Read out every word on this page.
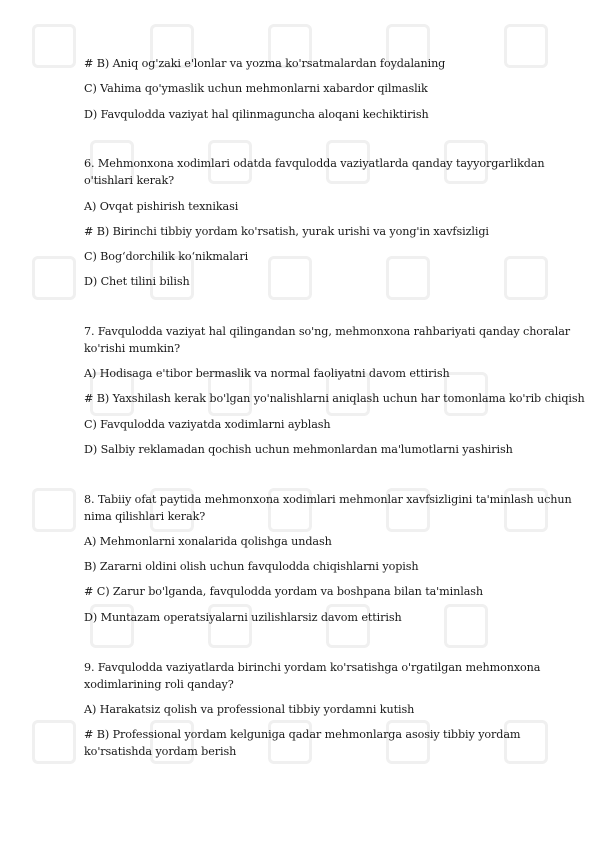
# B) Aniq og'zaki e'lonlar va yozma ko'rsatmalardan foydalaning
C) Vahima qo'ymaslik uchun mehmonlarni xabardor qilmaslik
D) Favqulodda vaziyat hal qilinmaguncha aloqani kechiktirish
6. Mehmonxona xodimlari odatda favqulodda vaziyatlarda qanday tayyorgarlikdan
o'tishlari kerak?
A) Ovqat pishirish texnikasi
# B) Birinchi tibbiy yordam ko'rsatish, yurak urishi va yong'in xavfsizligi
C) Bog‘dorchilik ko‘nikmalari
D) Chet tilini bilish
7. Favqulodda vaziyat hal qilingandan so'ng, mehmonxona rahbariyati qanday choralar
ko'rishi mumkin?
A) Hodisaga e'tibor bermaslik va normal faoliyatni davom ettirish
# B) Yaxshilash kerak bo'lgan yo'nalishlarni aniqlash uchun har tomonlama ko'rib chiqish
C) Favqulodda vaziyatda xodimlarni ayblash
D) Salbiy reklamadan qochish uchun mehmonlardan ma'lumotlarni yashirish
8. Tabiiy ofat paytida mehmonxona xodimlari mehmonlar xavfsizligini ta'minlash uchun
nima qilishlari kerak?
A) Mehmonlarni xonalarida qolishga undash
B) Zararni oldini olish uchun favqulodda chiqishlarni yopish
# C) Zarur bo'lganda, favqulodda yordam va boshpana bilan ta'minlash
D) Muntazam operatsiyalarni uzilishlarsiz davom ettirish
9. Favqulodda vaziyatlarda birinchi yordam ko'rsatishga o'rgatilgan mehmonxona
xodimlarining roli qanday?
A) Harakatsiz qolish va professional tibbiy yordamni kutish
# B) Professional yordam kelguniga qadar mehmonlarga asosiy tibbiy yordam
ko'rsatishda yordam berish
